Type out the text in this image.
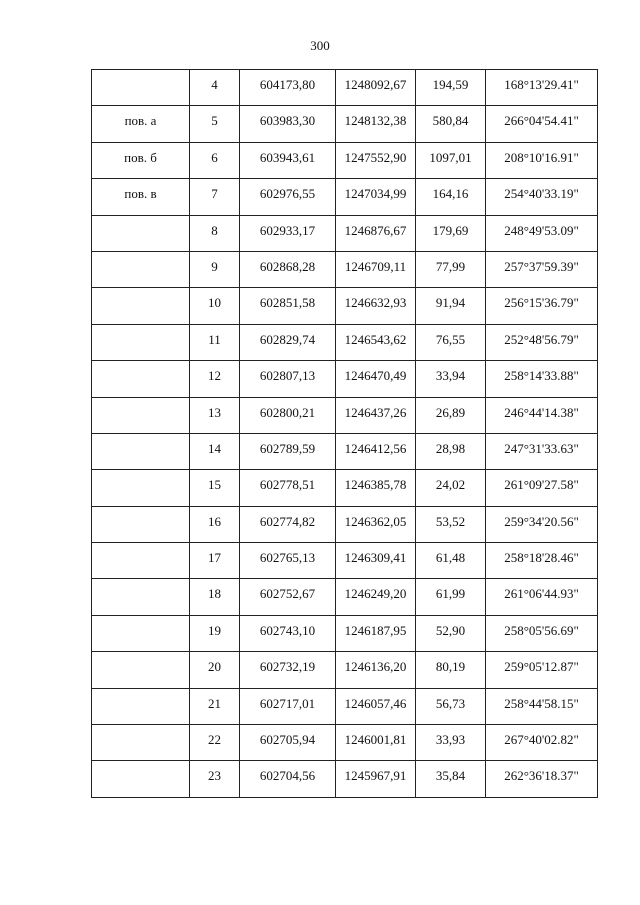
300
	4	604173,80	1248092,67	194,59	168°13'29.41"
пов. а	5	603983,30	1248132,38	580,84	266°04'54.41"
пов. б	6	603943,61	1247552,90	1097,01	208°10'16.91"
пов. в	7	602976,55	1247034,99	164,16	254°40'33.19"
	8	602933,17	1246876,67	179,69	248°49'53.09"
	9	602868,28	1246709,11	77,99	257°37'59.39"
	10	602851,58	1246632,93	91,94	256°15'36.79"
	11	602829,74	1246543,62	76,55	252°48'56.79"
	12	602807,13	1246470,49	33,94	258°14'33.88"
	13	602800,21	1246437,26	26,89	246°44'14.38"
	14	602789,59	1246412,56	28,98	247°31'33.63"
	15	602778,51	1246385,78	24,02	261°09'27.58"
	16	602774,82	1246362,05	53,52	259°34'20.56"
	17	602765,13	1246309,41	61,48	258°18'28.46"
	18	602752,67	1246249,20	61,99	261°06'44.93"
	19	602743,10	1246187,95	52,90	258°05'56.69"
	20	602732,19	1246136,20	80,19	259°05'12.87"
	21	602717,01	1246057,46	56,73	258°44'58.15"
	22	602705,94	1246001,81	33,93	267°40'02.82"
	23	602704,56	1245967,91	35,84	262°36'18.37"
